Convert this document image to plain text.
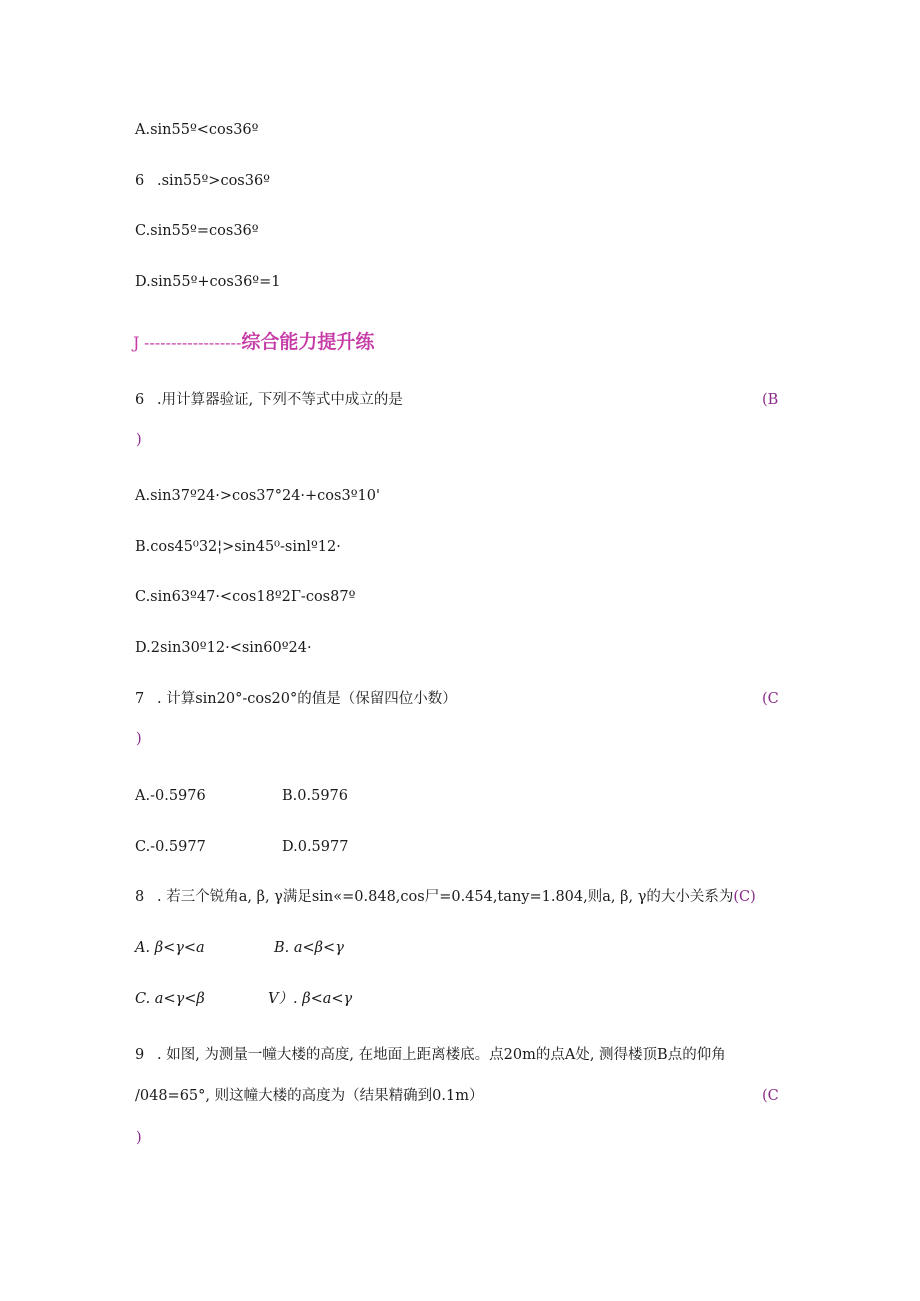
A.sin55º<cos36º
6 .sin55º>cos36º
C.sin55º=cos36º
D.sin55º+cos36º=1
J ------------------综合能力提升练
6 .用计算器验证, 下列不等式中成立的是	(B
)
A.sin37º24·>cos37°24·+cos3º10'
B.cos45⁰32¦>sin45⁰-sinlº12·
C.sin63º47·<cos18º2Γ-cos87º
D.2sin30º12·<sin60º24·
7 . 计算sin20°-cos20°的值是（保留四位小数）	(C
)
A.-0.5976	B.0.5976
C.-0.5977	D.0.5977
8 . 若三个锐角a, β, γ满足sin«=0.848,cos尸=0.454,tany=1.804,则a, β, γ的大小关系为(C)
A. β<γ<a	B. a<β<γ
C. a<γ<β	V）. β<a<γ
9 . 如图, 为测量一幢大楼的高度, 在地面上距离楼底。点20m的点A处, 测得楼顶B点的仰角
/048=65°, 则这幢大楼的高度为（结果精确到0.1m）	(C
)
